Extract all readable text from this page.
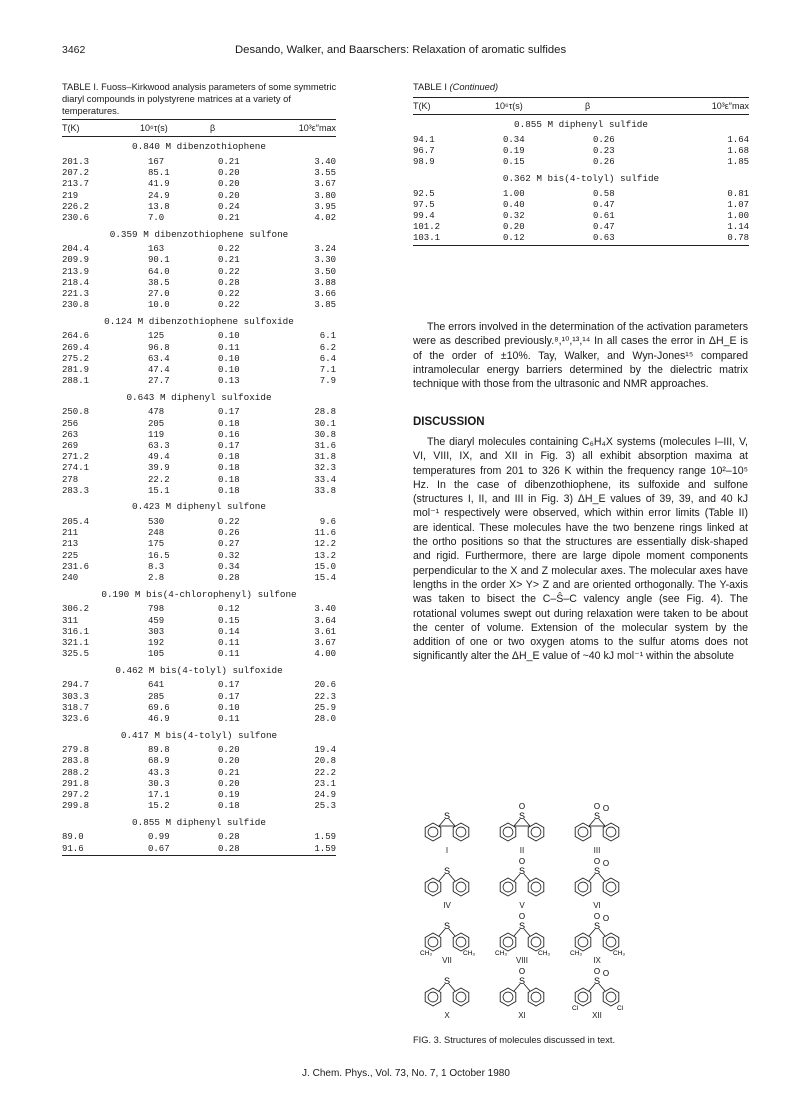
3462	Desando, Walker, and Baarschers: Relaxation of aromatic sulfides
TABLE I. Fuoss–Kirkwood analysis parameters of some symmetric diaryl compounds in polystyrene matrices at a variety of temperatures.
T(K)	10⁶τ(s)	β	10³ε″max
0.840 M dibenzothiophene			
201.3	167	0.21	3.40
207.2	85.1	0.20	3.55
213.7	41.9	0.20	3.67
219	24.9	0.20	3.80
226.2	13.8	0.24	3.95
230.6	7.0	0.21	4.02
0.359 M dibenzothiophene sulfone			
204.4	163	0.22	3.24
209.9	90.1	0.21	3.30
213.9	64.0	0.22	3.50
218.4	38.5	0.28	3.88
221.3	27.0	0.22	3.66
230.8	10.0	0.22	3.85
0.124 M dibenzothiophene sulfoxide			
264.6	125	0.10	6.1
269.4	96.8	0.11	6.2
275.2	63.4	0.10	6.4
281.9	47.4	0.10	7.1
288.1	27.7	0.13	7.9
0.643 M diphenyl sulfoxide			
250.8	478	0.17	28.8
256	205	0.18	30.1
263	119	0.16	30.8
269	63.3	0.17	31.6
271.2	49.4	0.18	31.8
274.1	39.9	0.18	32.3
278	22.2	0.18	33.4
283.3	15.1	0.18	33.8
0.423 M diphenyl sulfone			
205.4	530	0.22	9.6
211	248	0.26	11.6
213	175	0.27	12.2
225	16.5	0.32	13.2
231.6	8.3	0.34	15.0
240	2.8	0.28	15.4
0.190 M bis(4-chlorophenyl) sulfone			
306.2	798	0.12	3.40
311	459	0.15	3.64
316.1	303	0.14	3.61
321.1	192	0.11	3.67
325.5	105	0.11	4.00
0.462 M bis(4-tolyl) sulfoxide			
294.7	641	0.17	20.6
303.3	285	0.17	22.3
318.7	69.6	0.10	25.9
323.6	46.9	0.11	28.0
0.417 M bis(4-tolyl) sulfone			
279.8	89.8	0.20	19.4
283.8	68.9	0.20	20.8
288.2	43.3	0.21	22.2
291.8	30.3	0.20	23.1
297.2	17.1	0.19	24.9
299.8	15.2	0.18	25.3
0.855 M diphenyl sulfide			
89.0	0.99	0.28	1.59
91.6	0.67	0.28	1.59

TABLE I (Continued)
T(K)	10⁶τ(s)	β	10³ε″max
0.855 M diphenyl sulfide			
94.1	0.34	0.26	1.64
96.7	0.19	0.23	1.68
98.9	0.15	0.26	1.85
0.362 M bis(4-tolyl) sulfide			
92.5	1.00	0.58	0.81
97.5	0.40	0.47	1.07
99.4	0.32	0.61	1.00
101.2	0.20	0.47	1.14
103.1	0.12	0.63	0.78

The errors involved in the determination of the activation parameters were as described previously.⁸,¹⁰,¹³,¹⁴ In all cases the error in ΔH_E is of the order of ±10%. Tay, Walker, and Wyn-Jones¹⁵ compared intramolecular energy barriers determined by the dielectric matrix technique with those from the ultrasonic and NMR approaches.
DISCUSSION
The diaryl molecules containing C₆H₄X systems (molecules I–III, V, VI, VIII, IX, and XII in Fig. 3) all exhibit absorption maxima at temperatures from 201 to 326 K within the frequency range 10²–10⁵ Hz. In the case of dibenzothiophene, its sulfoxide and sulfone (structures I, II, and III in Fig. 3) ΔH_E values of 39, 39, and 40 kJ mol⁻¹ respectively were observed, which within error limits (Table II) are identical. These molecules have the two benzene rings linked at the ortho positions so that the structures are essentially disk-shaped and rigid. Furthermore, there are large dipole moment components perpendicular to the X and Z molecular axes. The molecular axes have lengths in the order X> Y> Z and are oriented orthogonally. The Y-axis was taken to bisect the C–Ŝ–C valency angle (see Fig. 4). The rotational volumes swept out during relaxation were taken to be about the center of volume. Extension of the molecular system by the addition of one or two oxygen atoms to the sulfur atoms does not significantly alter the ΔH_E value of ~40 kJ mol⁻¹ within the absolute
S
I
S
O
II
S
O O
III
S
IV
S
O
V
S
O O
VI
S
CH₃	CH₃
VII
S
O
CH₃	CH₃
VIII
S
O O
CH₃	CH₃
IX
S
X
S
O
XI
S
O O
Cl	Cl
XII
FIG. 3. Structures of molecules discussed in text.
J. Chem. Phys., Vol. 73, No. 7, 1 October 1980
